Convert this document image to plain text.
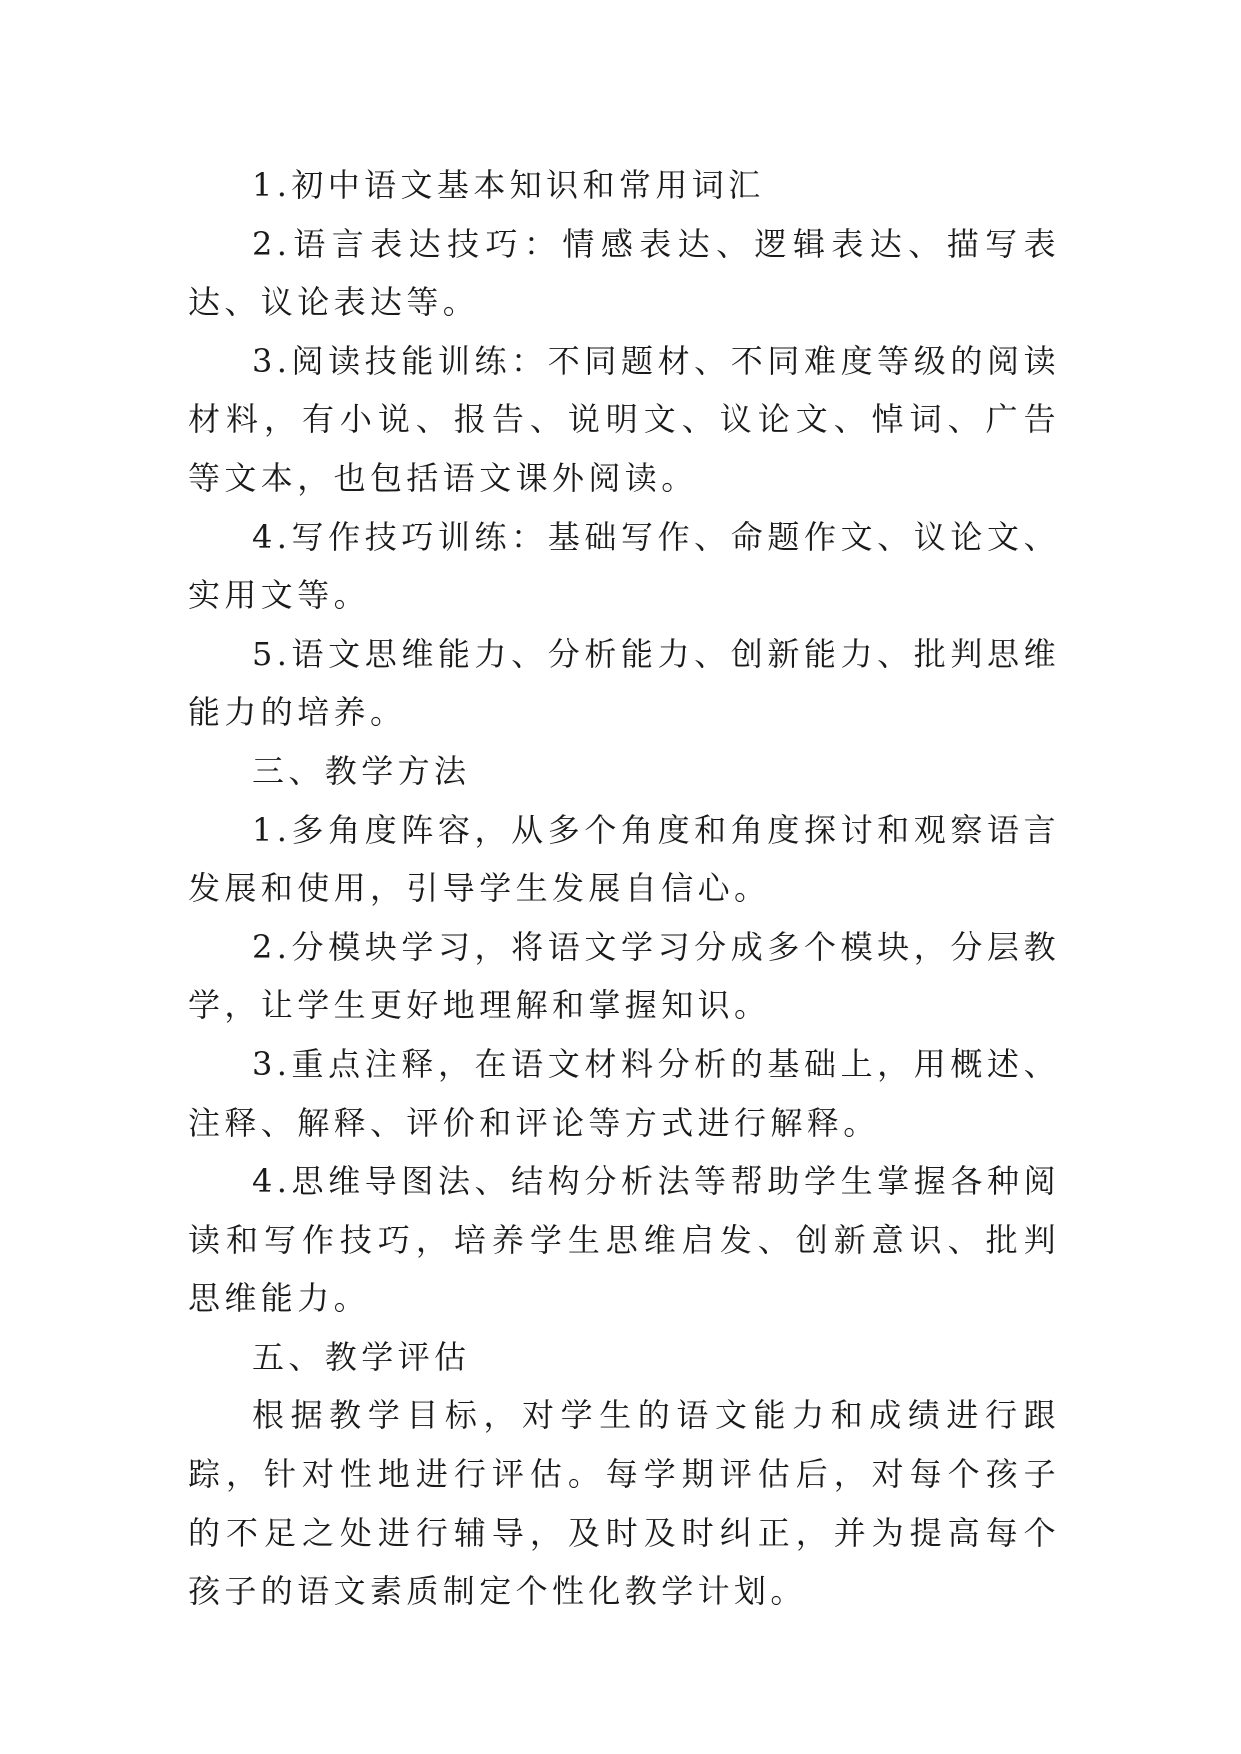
1.初中语文基本知识和常用词汇

2.语言表达技巧：情感表达、逻辑表达、描写表达、议论表达等。

3.阅读技能训练：不同题材、不同难度等级的阅读材料，有小说、报告、说明文、议论文、悼词、广告等文本，也包括语文课外阅读。

4.写作技巧训练：基础写作、命题作文、议论文、实用文等。

5.语文思维能力、分析能力、创新能力、批判思维能力的培养。

三、教学方法

1.多角度阵容，从多个角度和角度探讨和观察语言发展和使用，引导学生发展自信心。

2.分模块学习，将语文学习分成多个模块，分层教学，让学生更好地理解和掌握知识。

3.重点注释，在语文材料分析的基础上，用概述、注释、解释、评价和评论等方式进行解释。

4.思维导图法、结构分析法等帮助学生掌握各种阅读和写作技巧，培养学生思维启发、创新意识、批判思维能力。

五、教学评估

根据教学目标，对学生的语文能力和成绩进行跟踪，针对性地进行评估。每学期评估后，对每个孩子的不足之处进行辅导，及时及时纠正，并为提高每个孩子的语文素质制定个性化教学计划。
